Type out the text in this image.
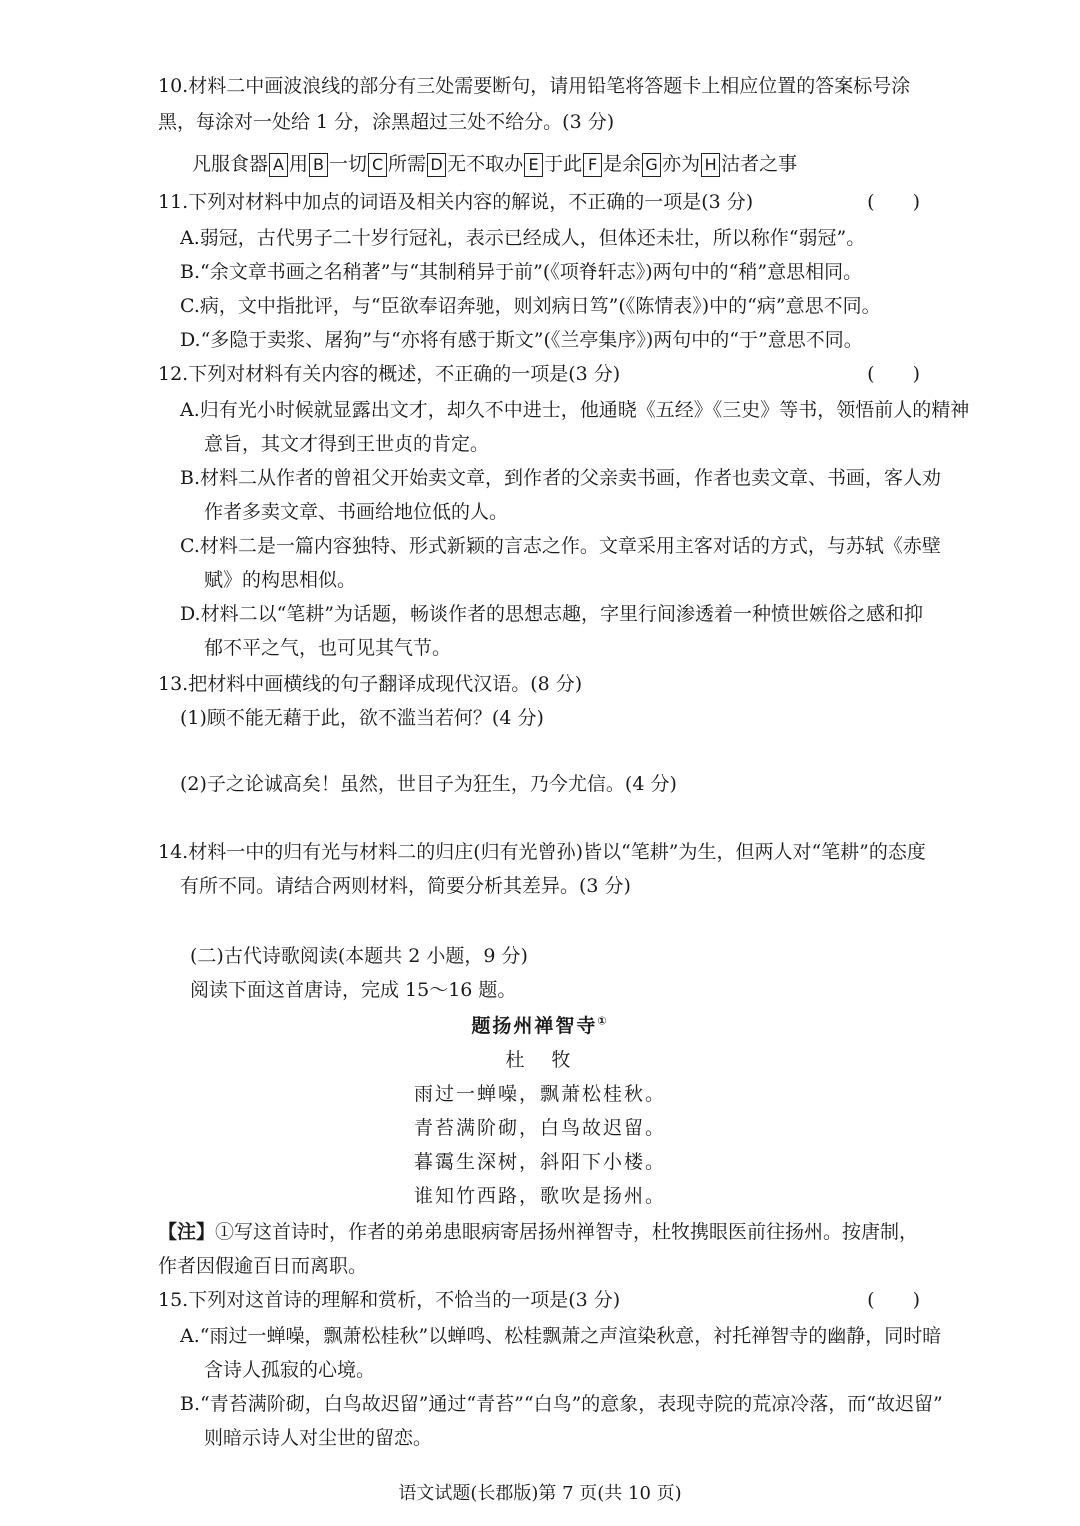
10.材料二中画波浪线的部分有三处需要断句，请用铅笔将答题卡上相应位置的答案标号涂
黑，每涂对一处给 1 分，涂黑超过三处不给分。(3 分)
凡服食器 A 用 B 一切 C 所需 D 无不取办 E 于此 F 是余 G 亦为 H 沽者之事
11.下列对材料中加点的词语及相关内容的解说，不正确的一项是(3 分)	(　　)
A.弱冠，古代男子二十岁行冠礼，表示已经成人，但体还未壮，所以称作“弱冠”。
B.“余文章书画之名稍著”与“其制稍异于前”(《项脊轩志》)两句中的“稍”意思相同。
C.病，文中指批评，与“臣欲奉诏奔驰，则刘病日笃”(《陈情表》)中的“病”意思不同。
D.“多隐于卖浆、屠狗”与“亦将有感于斯文”(《兰亭集序》)两句中的“于”意思不同。
12.下列对材料有关内容的概述，不正确的一项是(3 分)	(　　)
A.归有光小时候就显露出文才，却久不中进士，他通晓《五经》《三史》等书，领悟前人的精神
意旨，其文才得到王世贞的肯定。
B.材料二从作者的曾祖父开始卖文章，到作者的父亲卖书画，作者也卖文章、书画，客人劝
作者多卖文章、书画给地位低的人。
C.材料二是一篇内容独特、形式新颖的言志之作。文章采用主客对话的方式，与苏轼《赤壁
赋》的构思相似。
D.材料二以“笔耕”为话题，畅谈作者的思想志趣，字里行间渗透着一种愤世嫉俗之感和抑
郁不平之气，也可见其气节。
13.把材料中画横线的句子翻译成现代汉语。(8 分)
(1)顾不能无藉于此，欲不滥当若何？(4 分)
(2)子之论诚高矣！虽然，世目子为狂生，乃今尤信。(4 分)
14.材料一中的归有光与材料二的归庄(归有光曾孙)皆以“笔耕”为生，但两人对“笔耕”的态度
有所不同。请结合两则材料，简要分析其差异。(3 分)
(二)古代诗歌阅读(本题共 2 小题，9 分)
阅读下面这首唐诗，完成 15～16 题。
题扬州禅智寺①
杜　牧
雨过一蝉噪，飘萧松桂秋。
青苔满阶砌，白鸟故迟留。
暮霭生深树，斜阳下小楼。
谁知竹西路，歌吹是扬州。
【注】①写这首诗时，作者的弟弟患眼病寄居扬州禅智寺，杜牧携眼医前往扬州。按唐制，
作者因假逾百日而离职。
15.下列对这首诗的理解和赏析，不恰当的一项是(3 分)	(　　)
A.“雨过一蝉噪，飘萧松桂秋”以蝉鸣、松桂飘萧之声渲染秋意，衬托禅智寺的幽静，同时暗
含诗人孤寂的心境。
B.“青苔满阶砌，白鸟故迟留”通过“青苔”“白鸟”的意象，表现寺院的荒凉冷落，而“故迟留”
则暗示诗人对尘世的留恋。
语文试题(长郡版)第 7 页(共 10 页)
